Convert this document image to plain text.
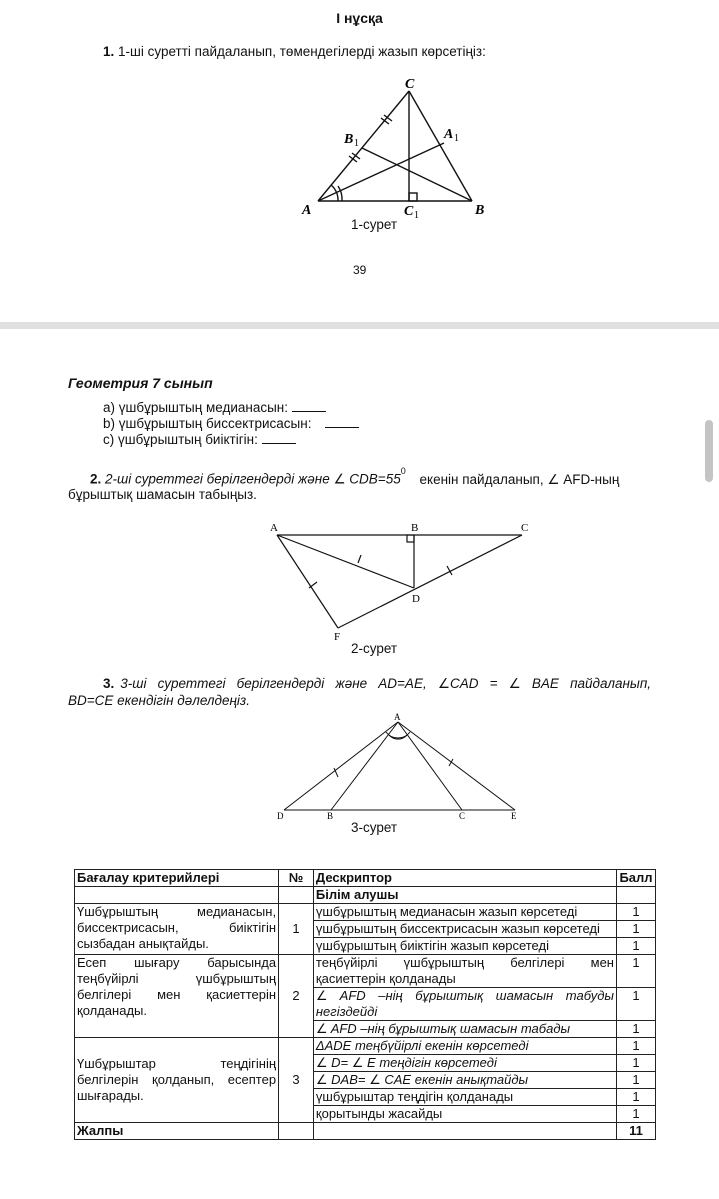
I нұсқа
1. 1-ші суретті пайдаланып, төмендегілерді жазып көрсетіңіз:
C
B 1
A 1
A	C 1	B
1-сурет
39
Геометрия 7 сынып
a) үшбұрыштың медианасын:
b) үшбұрыштың биссектрисасын:
c) үшбұрыштың биіктігін:
2. 2-ші суреттегі берілгендерді және ∠ $CDB=55^0$ екенін пайдаланып, ∠ AFD-ның
бұрыштық шамасын табыңыз.
A	B	C
D
F
2-сурет
3. 3-ші суреттегі берілгендерді және AD=AE, ∠CAD = ∠ BAE пайдаланып,
BD=CE екендігін дәлелдеңіз.
A
D	B	C	E
3-сурет
Бағалау критерийлері	№	Дескриптор	Балл
		Білім алушы	
Үшбұрыштың медианасын, биссектрисасын, биіктігін сызбадан анықтайды.	1	үшбұрыштың медианасын жазып көрсетеді	1
		үшбұрыштың биссектрисасын жазып көрсетеді	1
		үшбұрыштың биіктігін жазып көрсетеді	1
Есеп шығару барысында теңбүйірлі үшбұрыштың белгілері мен қасиеттерін қолданады.	2	теңбүйірлі үшбұрыштың белгілері мен қасиеттерін қолданады	1
		∠ AFD –нің бұрыштық шамасын табуды негіздейді	1
		∠ AFD –нің бұрыштық шамасын табады	1
Үшбұрыштар теңдігінің белгілерін қолданып, есептер шығарады.	3	ΔADE теңбүйірлі екенін көрсетеді	1
		∠ D= ∠ E теңдігін көрсетеді	1
		∠ DAB= ∠ CAE екенін анықтайды	1
		үшбұрыштар теңдігін қолданады	1
		қорытынды жасайды	1
Жалпы			11
